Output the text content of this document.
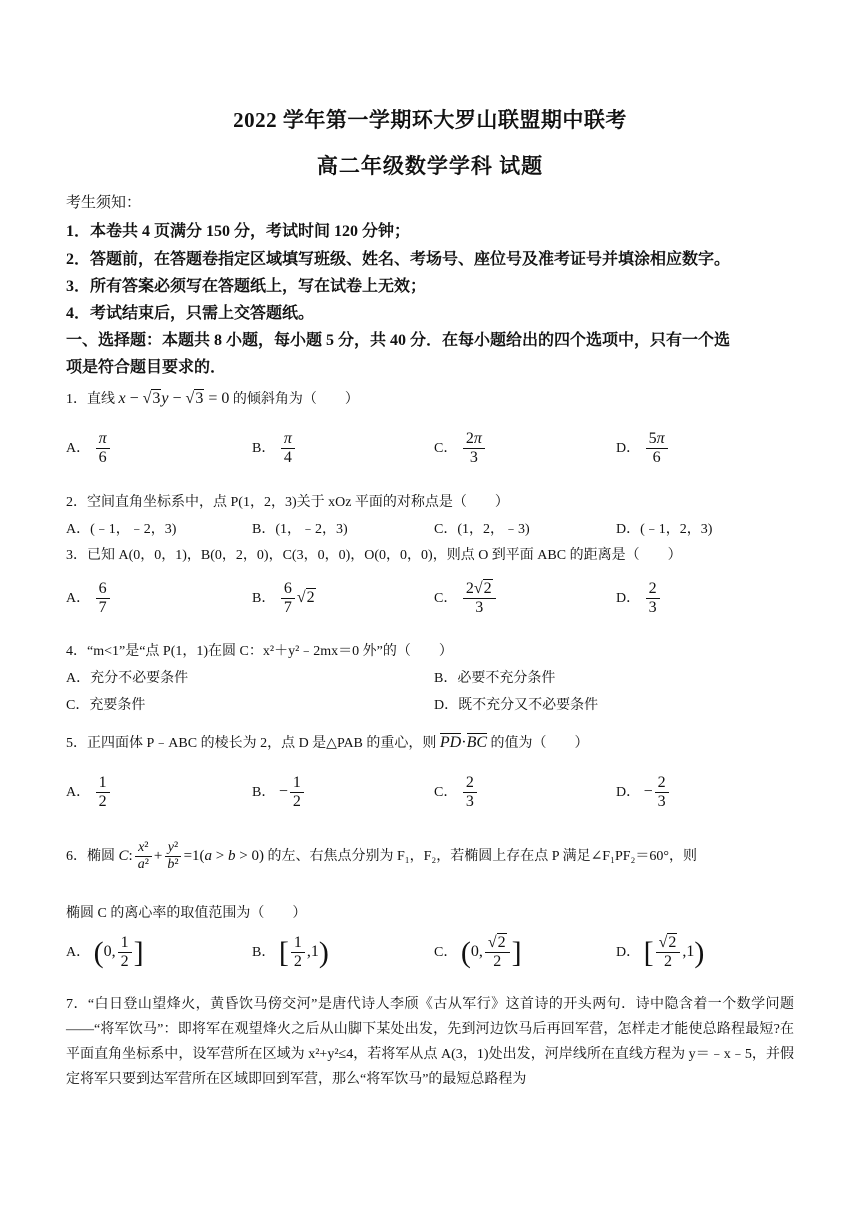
2022 学年第一学期环大罗山联盟期中联考
高二年级数学学科 试题
考生须知：
1．本卷共 4 页满分 150 分，考试时间 120 分钟；
2．答题前，在答题卷指定区域填写班级、姓名、考场号、座位号及准考证号并填涂相应数字。
3．所有答案必须写在答题纸上，写在试卷上无效；
4．考试结束后，只需上交答题纸。
一、选择题：本题共 8 小题，每小题 5 分，共 40 分．在每小题给出的四个选项中，只有一个选
项是符合题目要求的．
1．直线 x − √3y − √3 = 0 的倾斜角为（　　）
A． $\frac{\pi}{6}$	B． $\frac{\pi}{4}$	C． $\frac{2\pi}{3}$	D． $\frac{5\pi}{6}$
2．空间直角坐标系中，点 P(1，2，3)关于 xOz 平面的对称点是（　　）
A．(﹣1，﹣2，3)	B．(1，﹣2，3)	C．(1，2，﹣3)	D．(﹣1，2，3)
3．已知 A(0，0，1)，B(0，2，0)，C(3，0，0)，O(0，0，0)，则点 O 到平面 ABC 的距离是（　　）
A． $\frac{6}{7}$	B． $\frac{6}{7} √2$	C． $\frac{2√2}{3}$	D． $\frac{2}{3}$
4．“m<1”是“点 P(1，1)在圆 C：x²＋y²﹣2mx＝0 外”的（　　）
A．充分不必要条件	B．必要不充分条件
C．充要条件	D．既不充分又不必要条件
5．正四面体 P﹣ABC 的棱长为 2，点 D 是△PAB 的重心，则 PD·BC 的值为（　　）
A． $\frac{1}{2}$	B． − $\frac{1}{2}$	C． $\frac{2}{3}$	D． − $\frac{2}{3}$
6．椭圆 C: $\frac{\text{x²}}{\text{a²}} + \frac{\text{y²}}{\text{b²}} =1(a > b > 0)$ 的左、右焦点分别为 F₁，F₂，若椭圆上存在点 P 满足∠F₁PF₂＝60°，则
椭圆 C 的离心率的取值范围为（　　）
A． (0, $\frac{1}{2}$ ]	B． [ $\frac{1}{2} ,1$)	C． (0, $\frac{√2}{2}$ ]	D． [ $\frac{√2}{2} ,1$)
7．“白日登山望烽火，黄昏饮马傍交河”是唐代诗人李颀《古从军行》这首诗的开头两句．诗中隐含着一个数学问题——“将军饮马”：即将军在观望烽火之后从山脚下某处出发，先到河边饮马后再回军营，怎样走才能使总路程最短?在平面直角坐标系中，设军营所在区域为 x²+y²≤4，若将军从点 A(3，1)处出发，河岸线所在直线方程为 y＝﹣x﹣5，并假定将军只要到达军营所在区域即回到军营，那么“将军饮马”的最短总路程为
